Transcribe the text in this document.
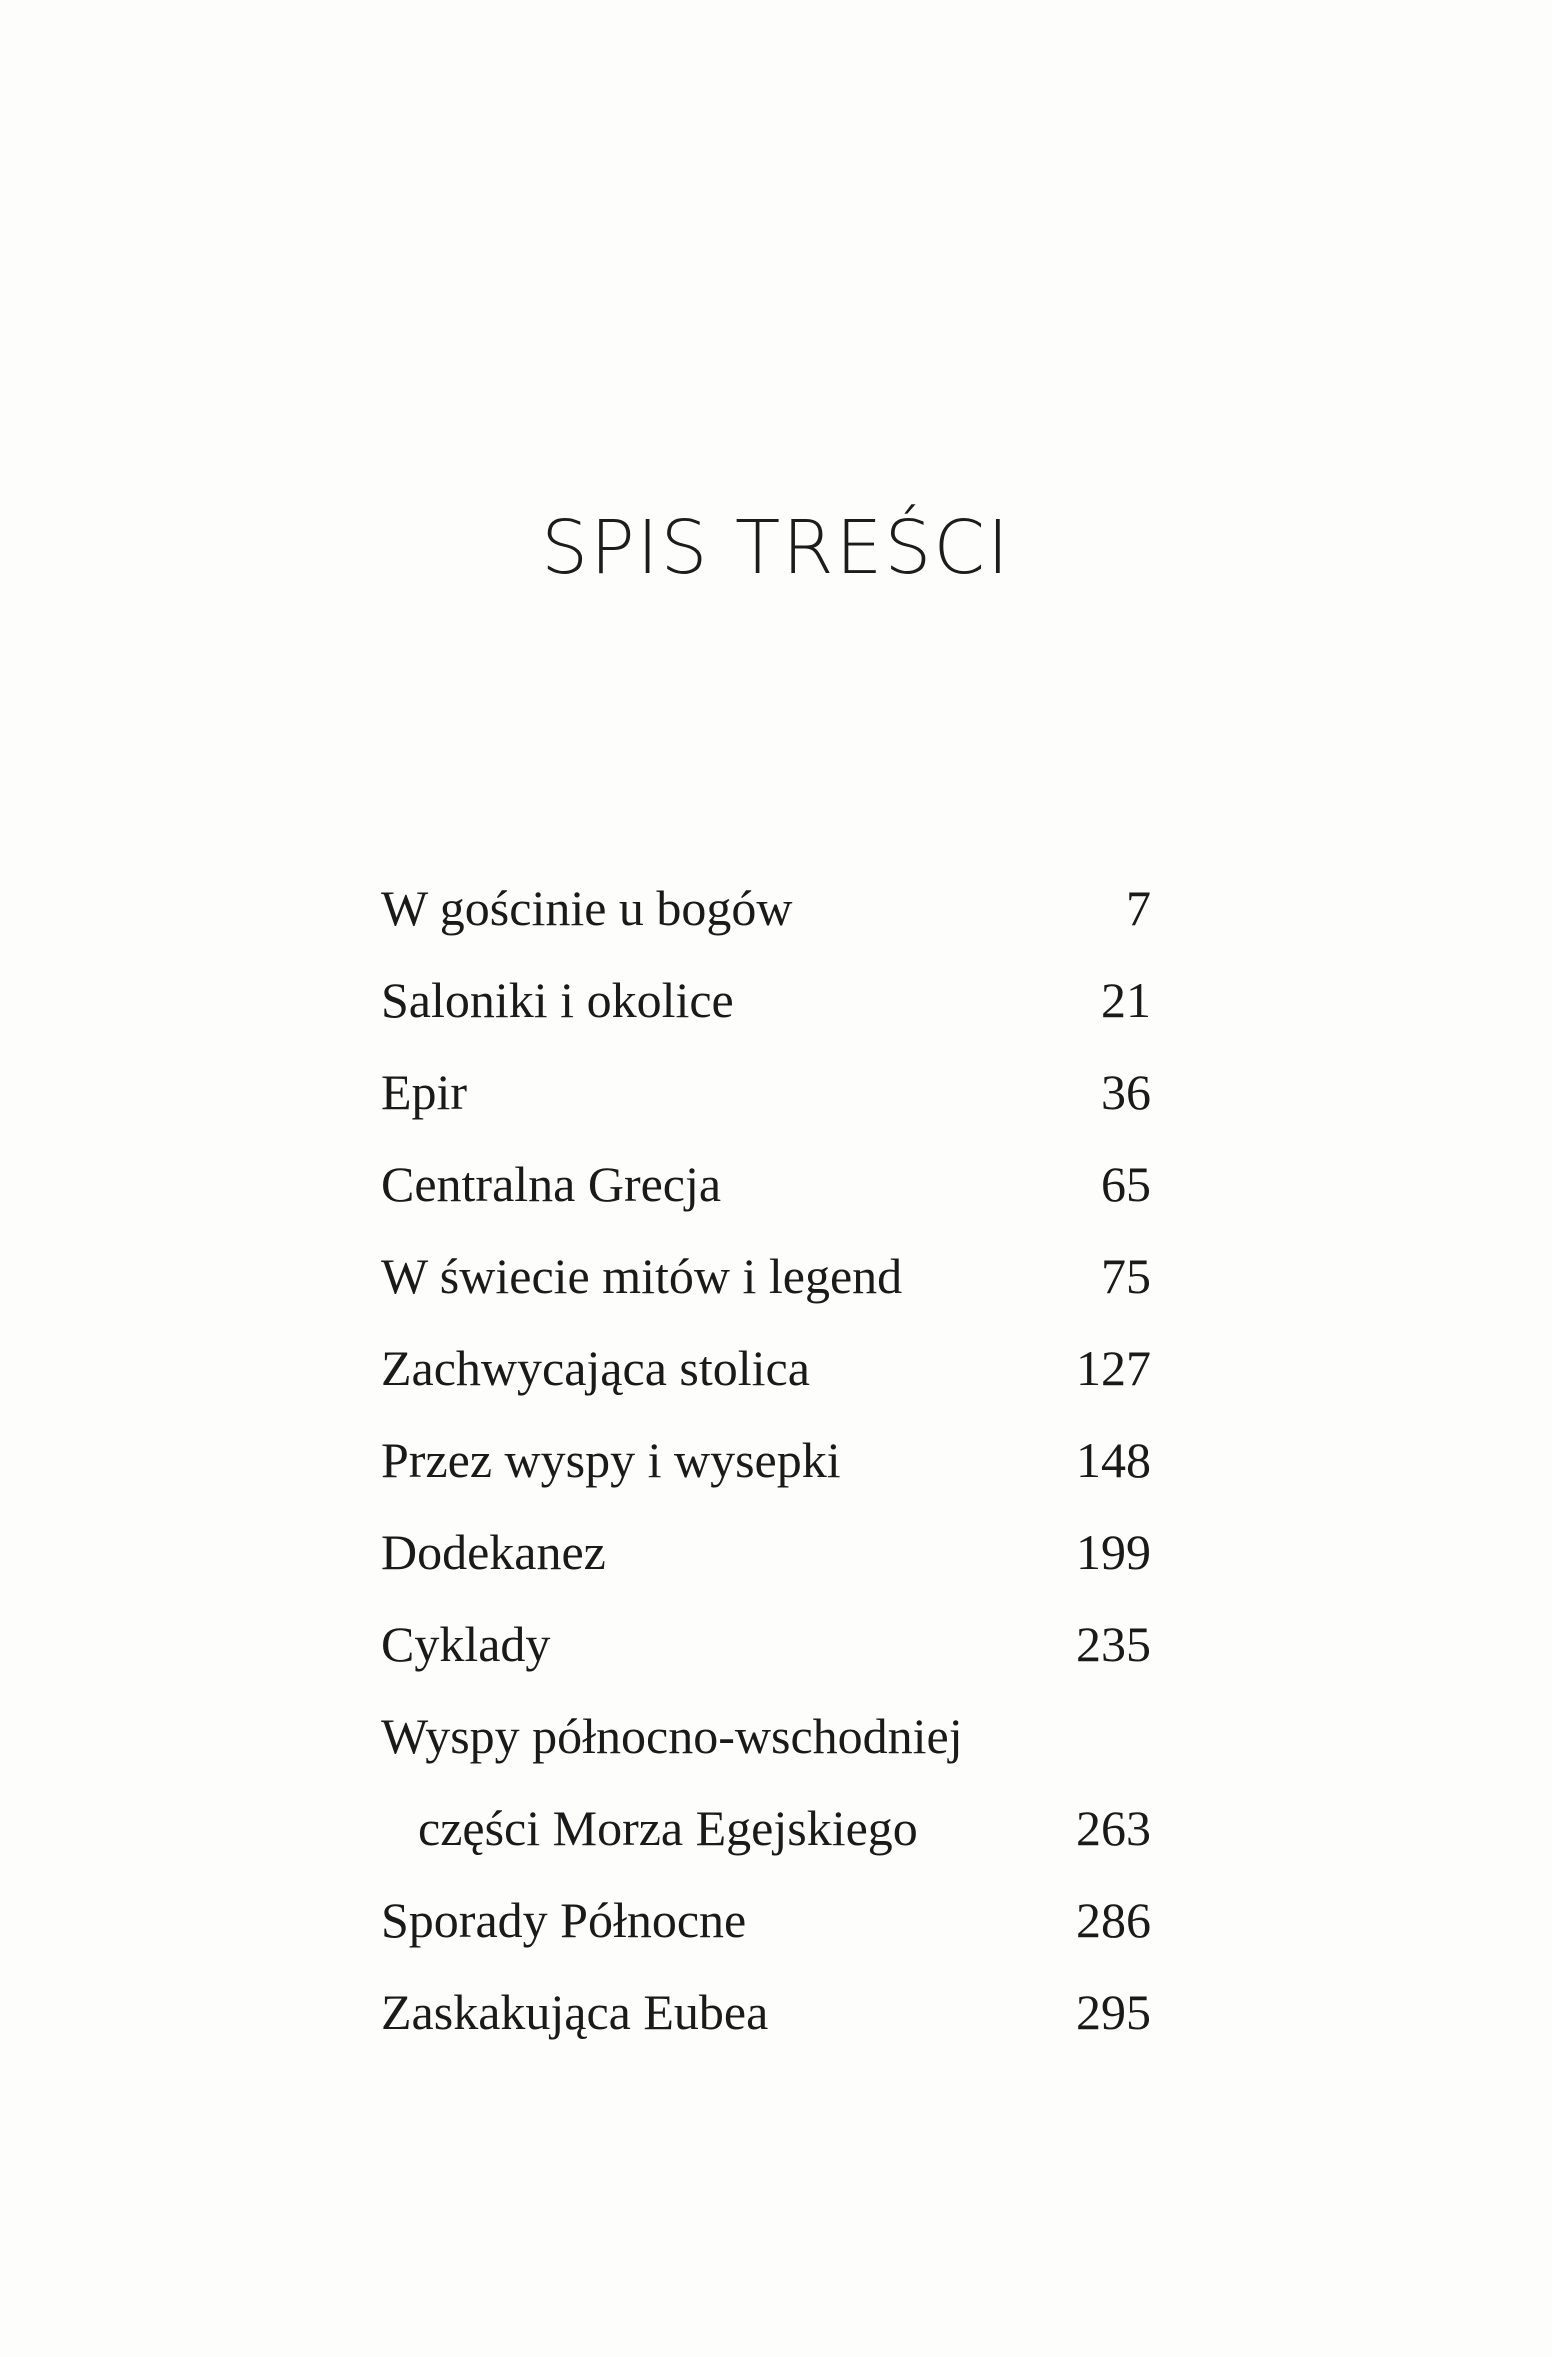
SPIS TREŚCI
W gościnie u bogów	7
Saloniki i okolice	21
Epir	36
Centralna Grecja	65
W świecie mitów i legend	75
Zachwycająca stolica	127
Przez wyspy i wysepki	148
Dodekanez	199
Cyklady	235
Wyspy północno-wschodniej
części Morza Egejskiego	263
Sporady Północne	286
Zaskakująca Eubea	295
